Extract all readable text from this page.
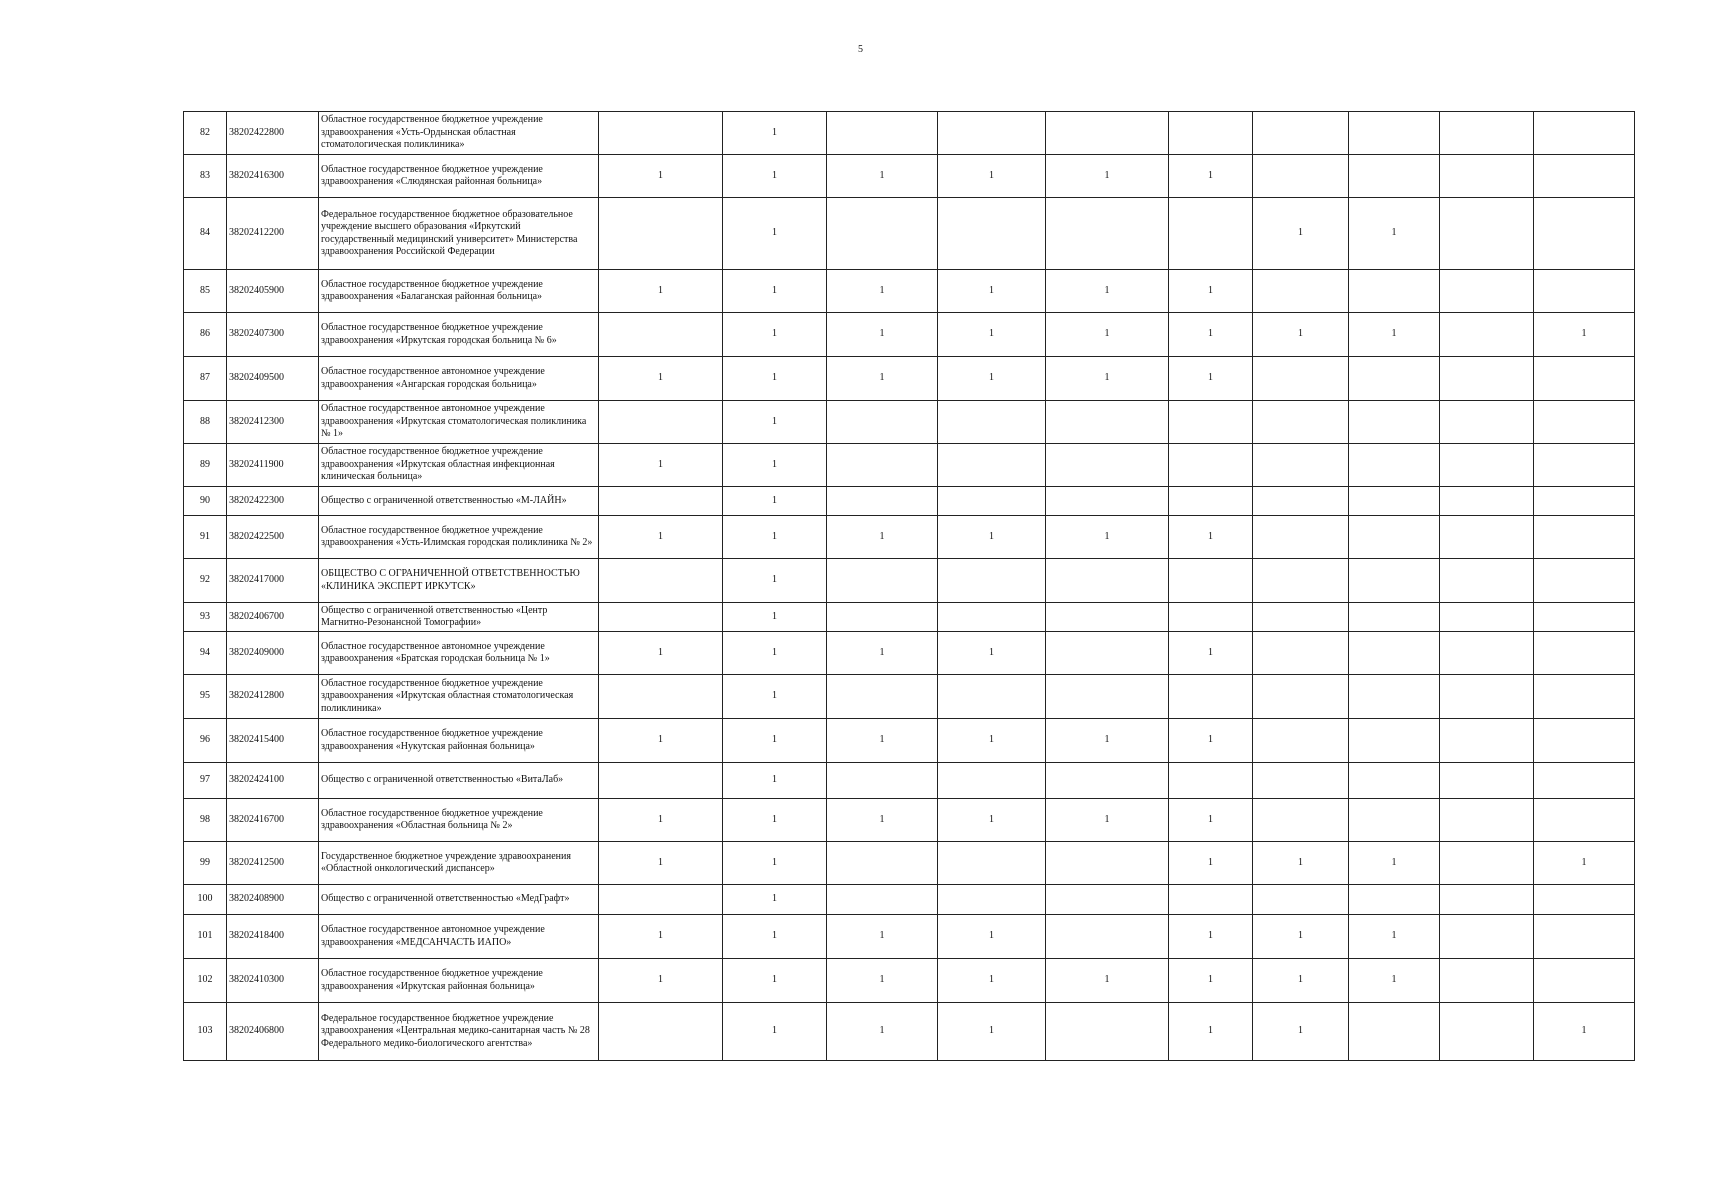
5
82	38202422800	Областное государственное бюджетное учреждение здравоохранения «Усть-Ордынская областная стоматологическая поликлиника»		1								
83	38202416300	Областное государственное бюджетное учреждение здравоохранения «Слюдянская районная больница»	1	1	1	1	1	1				
84	38202412200	Федеральное государственное бюджетное образовательное учреждение высшего образования «Иркутский государственный медицинский университет» Министерства здравоохранения Российской Федерации		1					1	1		
85	38202405900	Областное государственное бюджетное учреждение здравоохранения «Балаганская районная больница»	1	1	1	1	1	1				
86	38202407300	Областное государственное бюджетное учреждение здравоохранения «Иркутская городская больница № 6»		1	1	1	1	1	1	1		1
87	38202409500	Областное государственное автономное учреждение здравоохранения «Ангарская городская больница»	1	1	1	1	1	1				
88	38202412300	Областное государственное автономное учреждение здравоохранения «Иркутская стоматологическая поликлиника № 1»		1								
89	38202411900	Областное государственное бюджетное учреждение здравоохранения «Иркутская областная инфекционная клиническая больница»	1	1								
90	38202422300	Общество с ограниченной ответственностью «М-ЛАЙН»		1								
91	38202422500	Областное государственное бюджетное учреждение здравоохранения «Усть-Илимская городская поликлиника № 2»	1	1	1	1	1	1				
92	38202417000	ОБЩЕСТВО С ОГРАНИЧЕННОЙ ОТВЕТСТВЕННОСТЬЮ «КЛИНИКА ЭКСПЕРТ ИРКУТСК»		1								
93	38202406700	Общество с ограниченной ответственностью «Центр Магнитно-Резонансной Томографии»		1								
94	38202409000	Областное государственное автономное учреждение здравоохранения «Братская городская больница № 1»	1	1	1	1		1				
95	38202412800	Областное государственное бюджетное учреждение здравоохранения «Иркутская областная стоматологическая поликлиника»		1								
96	38202415400	Областное государственное бюджетное учреждение здравоохранения «Нукутская районная больница»	1	1	1	1	1	1				
97	38202424100	Общество с ограниченной ответственностью «ВитаЛаб»		1								
98	38202416700	Областное государственное бюджетное учреждение здравоохранения «Областная больница № 2»	1	1	1	1	1	1				
99	38202412500	Государственное бюджетное учреждение здравоохранения «Областной онкологический диспансер»	1	1				1	1	1		1
100	38202408900	Общество с ограниченной ответственностью «МедГрафт»		1								
101	38202418400	Областное государственное автономное учреждение здравоохранения «МЕДСАНЧАСТЬ ИАПО»	1	1	1	1		1	1	1		
102	38202410300	Областное государственное бюджетное учреждение здравоохранения «Иркутская районная больница»	1	1	1	1	1	1	1	1		
103	38202406800	Федеральное государственное бюджетное учреждение здравоохранения «Центральная медико-санитарная часть № 28 Федерального медико-биологического агентства»		1	1	1		1	1			1
